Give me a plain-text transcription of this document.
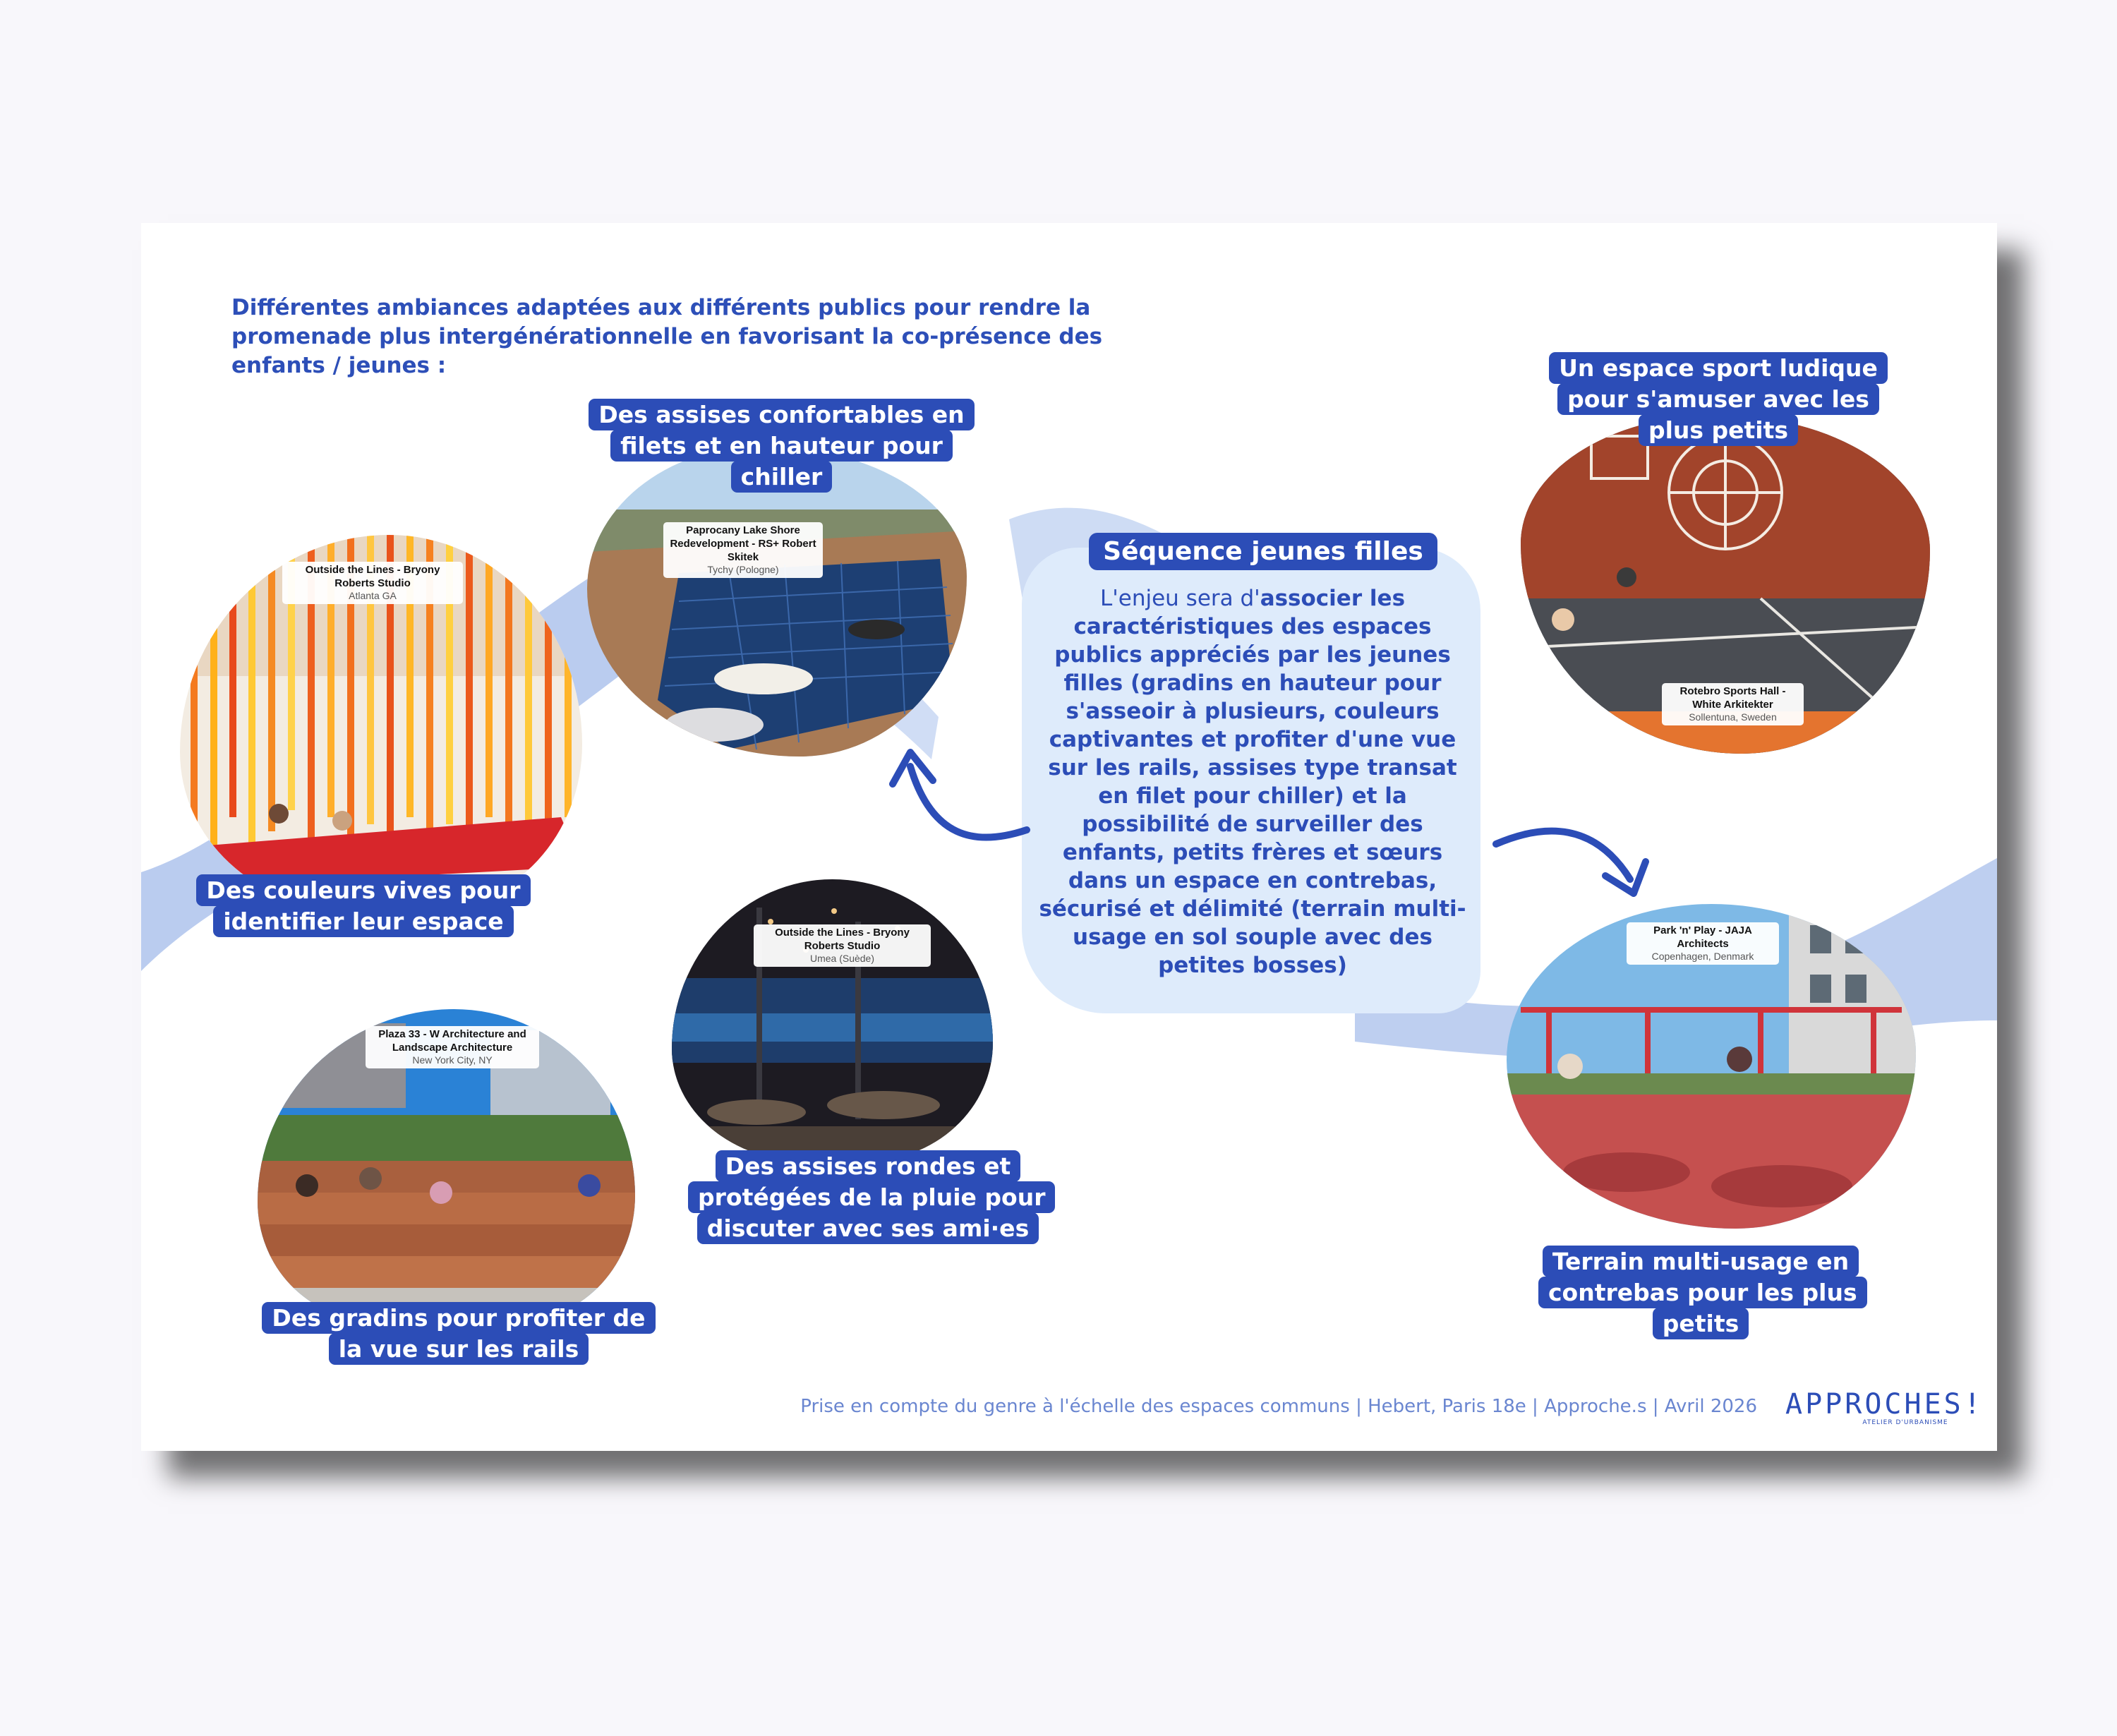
Différentes ambiances adaptées aux différents publics pour rendre la promenade plus intergénérationnelle en favorisant la co-présence des enfants / jeunes :
Outside the Lines - Bryony Roberts Studio
Atlanta GA
Des couleurs vives pour identifier leur espace
Paprocany Lake Shore Redevelopment - RS+ Robert Skitek
Tychy (Pologne)
Des assises confortables en filets et en hauteur pour chiller
Plaza 33 - W Architecture and Landscape Architecture
New York City, NY
Des gradins pour profiter de la vue sur les rails
Outside the Lines - Bryony Roberts Studio
Umea (Suède)
Des assises rondes et protégées de la pluie pour discuter avec ses ami·es
Séquence jeunes filles
L'enjeu sera d'associer les caractéristiques des espaces publics appréciés par les jeunes filles (gradins en hauteur pour s'asseoir à plusieurs, couleurs captivantes et profiter d'une vue sur les rails, assises type transat en filet pour chiller) et la possibilité de surveiller des enfants, petits frères et sœurs dans un espace en contrebas, sécurisé et délimité (terrain multi-usage en sol souple avec des petites bosses)
Rotebro Sports Hall - White Arkitekter
Sollentuna, Sweden
Un espace sport ludique pour s'amuser avec les plus petits
Park 'n' Play - JAJA Architects
Copenhagen, Denmark
Terrain multi-usage en contrebas pour les plus petits
Prise en compte du genre à l'échelle des espaces communs | Hebert, Paris 18e | Approche.s | Avril 2026 APPROCHES!
ATELIER D'URBANISME
